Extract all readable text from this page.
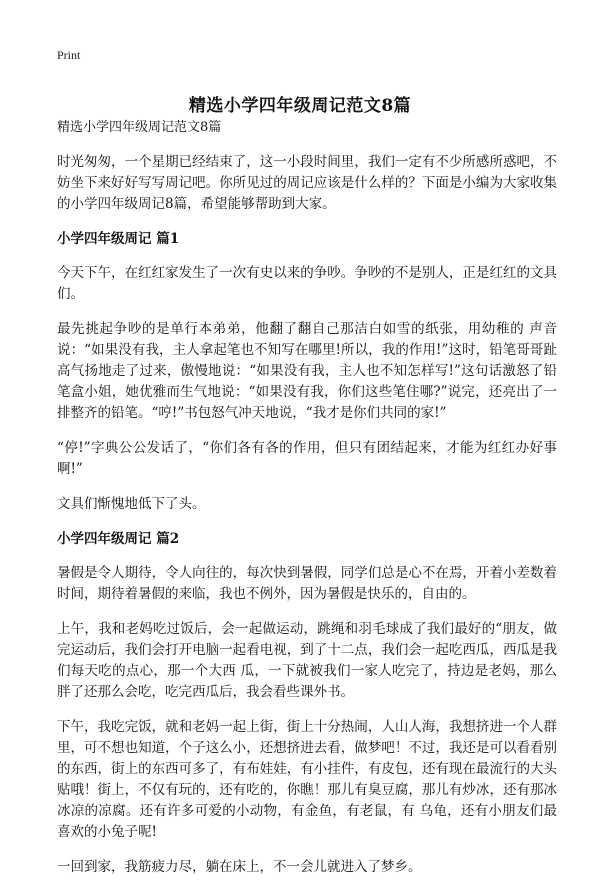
Print
精选小学四年级周记范文8篇
精选小学四年级周记范文8篇

时光匆匆，一个星期已经结束了，这一小段时间里，我们一定有不少所感所惑吧，不妨坐下来好好写写周记吧。你所见过的周记应该是什么样的？下面是小编为大家收集的小学四年级周记8篇，希望能够帮助到大家。

小学四年级周记 篇1

今天下午，在红红家发生了一次有史以来的争吵。争吵的不是别人，正是红红的文具们。

最先挑起争吵的是单行本弟弟，他翻了翻自己那洁白如雪的纸张，用幼稚的 声音说：“如果没有我，主人拿起笔也不知写在哪里!所以，我的作用!”这时，铅笔哥哥趾高气扬地走了过来，傲慢地说：“如果没有我，主人也不知怎样写!”这句话激怒了铅笔盒小姐，她优雅而生气地说：“如果没有我，你们这些笔住哪?”说完，还亮出了一排整齐的铅笔。“哼!”书包怒气冲天地说，“我才是你们共同的家!”

“停!”字典公公发话了，“你们各有各的作用，但只有团结起来，才能为红红办好事啊!”

文具们惭愧地低下了头。

小学四年级周记 篇2

暑假是令人期待，令人向往的，每次快到暑假，同学们总是心不在焉，开着小差数着时间，期待着暑假的来临，我也不例外，因为暑假是快乐的，自由的。

上午，我和老妈吃过饭后，会一起做运动，跳绳和羽毛球成了我们最好的“朋友，做完运动后，我们会打开电脑一起看电视，到了十二点，我们会一起吃西瓜，西瓜是我们每天吃的点心，那一个大西 瓜，一下就被我们一家人吃完了，持边是老妈，那么胖了还那么会吃，吃完西瓜后，我会看些课外书。

下午，我吃完饭，就和老妈一起上街，街上十分热闹，人山人海，我想挤进一个人群里，可不想也知道，个子这么小，还想挤进去看，做梦吧！不过，我还是可以看看别的东西，街上的东西可多了，有布娃娃，有小挂件，有皮包，还有现在最流行的大头贴哦！街上，不仅有玩的，还有吃的，你瞧！那儿有臭豆腐，那儿有炒冰，还有那冰冰凉的凉腐。还有许多可爱的小动物，有金鱼，有老鼠，有 乌龟，还有小朋友们最喜欢的小兔子呢!

一回到家，我筋疲力尽，躺在床上，不一会儿就进入了梦乡。
